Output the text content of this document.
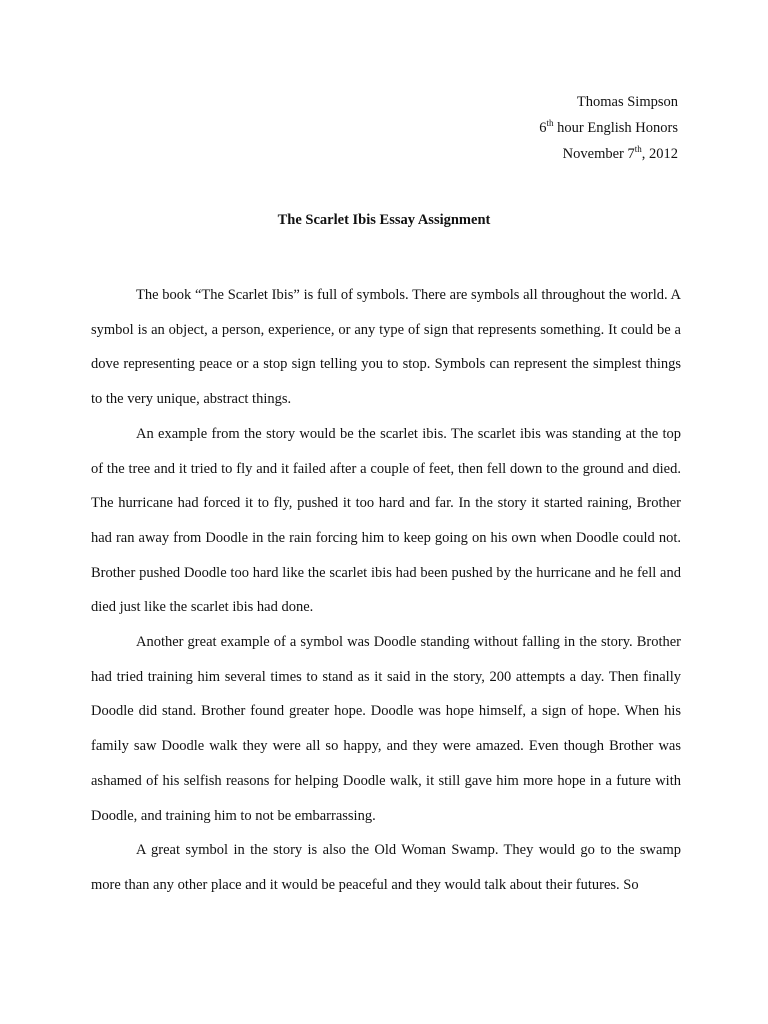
Thomas Simpson
6th hour English Honors
November 7th, 2012
The Scarlet Ibis Essay Assignment

The book “The Scarlet Ibis” is full of symbols. There are symbols all throughout the world. A symbol is an object, a person, experience, or any type of sign that represents something. It could be a dove representing peace or a stop sign telling you to stop. Symbols can represent the simplest things to the very unique, abstract things.

An example from the story would be the scarlet ibis. The scarlet ibis was standing at the top of the tree and it tried to fly and it failed after a couple of feet, then fell down to the ground and died. The hurricane had forced it to fly, pushed it too hard and far. In the story it started raining, Brother had ran away from Doodle in the rain forcing him to keep going on his own when Doodle could not. Brother pushed Doodle too hard like the scarlet ibis had been pushed by the hurricane and he fell and died just like the scarlet ibis had done.

Another great example of a symbol was Doodle standing without falling in the story. Brother had tried training him several times to stand as it said in the story, 200 attempts a day. Then finally Doodle did stand. Brother found greater hope. Doodle was hope himself, a sign of hope. When his family saw Doodle walk they were all so happy, and they were amazed. Even though Brother was ashamed of his selfish reasons for helping Doodle walk, it still gave him more hope in a future with Doodle, and training him to not be embarrassing.

A great symbol in the story is also the Old Woman Swamp. They would go to the swamp more than any other place and it would be peaceful and they would talk about their futures. So
